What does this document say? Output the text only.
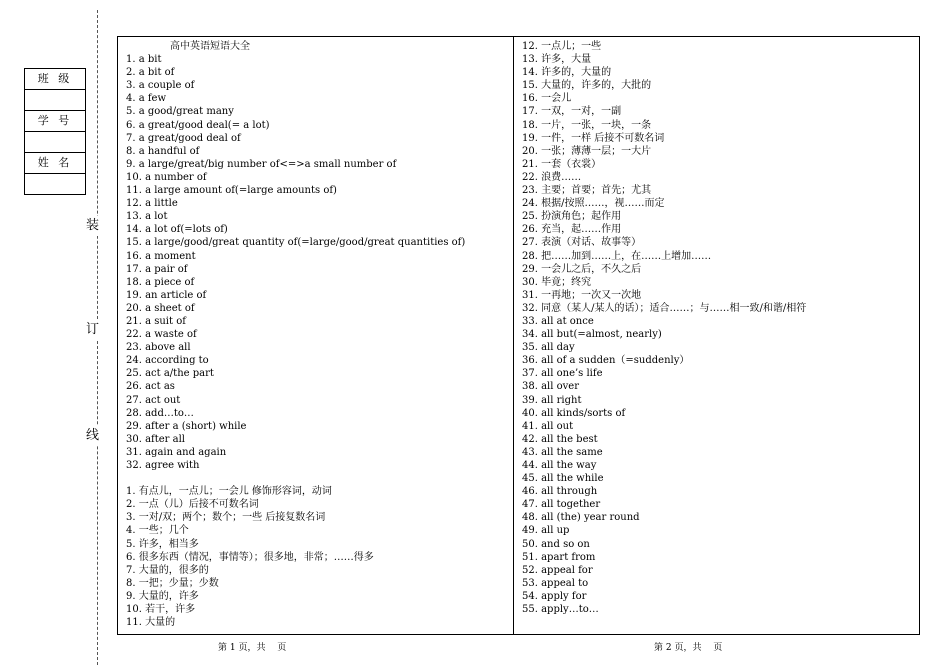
装
订
线
班 级
学 号
姓 名
高中英语短语大全
1. a bit
2. a bit of
3. a couple of
4. a few
5. a good/great many
6. a great/good deal(= a lot)
7. a great/good deal of
8. a handful of
9. a large/great/big number of<=>a small number of
10. a number of
11. a large amount of(=large amounts of)
12. a little
13. a lot
14. a lot of(=lots of)
15. a large/good/great quantity of(=large/good/great quantities of)
16. a moment
17. a pair of
18. a piece of
19. an article of
20. a sheet of
21. a suit of
22. a waste of
23. above all
24. according to
25. act a/the part
26. act as
27. act out
28. add…to…
29. after a (short) while
30. after all
31. again and again
32. agree with
1. 有点儿，一点儿；一会儿 修饰形容词，动词
2. 一点（儿）后接不可数名词
3. 一对/双；两个；数个；一些 后接复数名词
4. 一些；几个
5. 许多，相当多
6. 很多东西（情况，事情等）；很多地，非常；……得多
7. 大量的，很多的
8. 一把；少量；少数
9. 大量的，许多
10. 若干，许多
11. 大量的
12. 一点儿；一些
13. 许多，大量
14. 许多的，大量的
15. 大量的，许多的，大批的
16. 一会儿
17. 一双，一对，一副
18. 一片，一张，一块，一条
19. 一件，一样 后接不可数名词
20. 一张；薄薄一层；一大片
21. 一套（衣裳）
22. 浪费……
23. 主要；首要；首先；尤其
24. 根据/按照……，视……而定
25. 扮演角色；起作用
26. 充当，起……作用
27. 表演（对话、故事等）
28. 把……加到……上，在……上增加……
29. 一会儿之后，不久之后
30. 毕竟；终究
31. 一再地；一次又一次地
32. 同意（某人/某人的话）；适合……；与……相一致/和谐/相符
33. all at once
34. all but(=almost, nearly)
35. all day
36. all of a sudden（=suddenly）
37. all one’s life
38. all over
39. all right
40. all kinds/sorts of
41. all out
42. all the best
43. all the same
44. all the way
45. all the while
46. all through
47. all together
48. all (the) year round
49. all up
50. and so on
51. apart from
52. appeal for
53. appeal to
54. apply for
55. apply…to…
第 1 页，共　 页	第 2 页，共　 页
